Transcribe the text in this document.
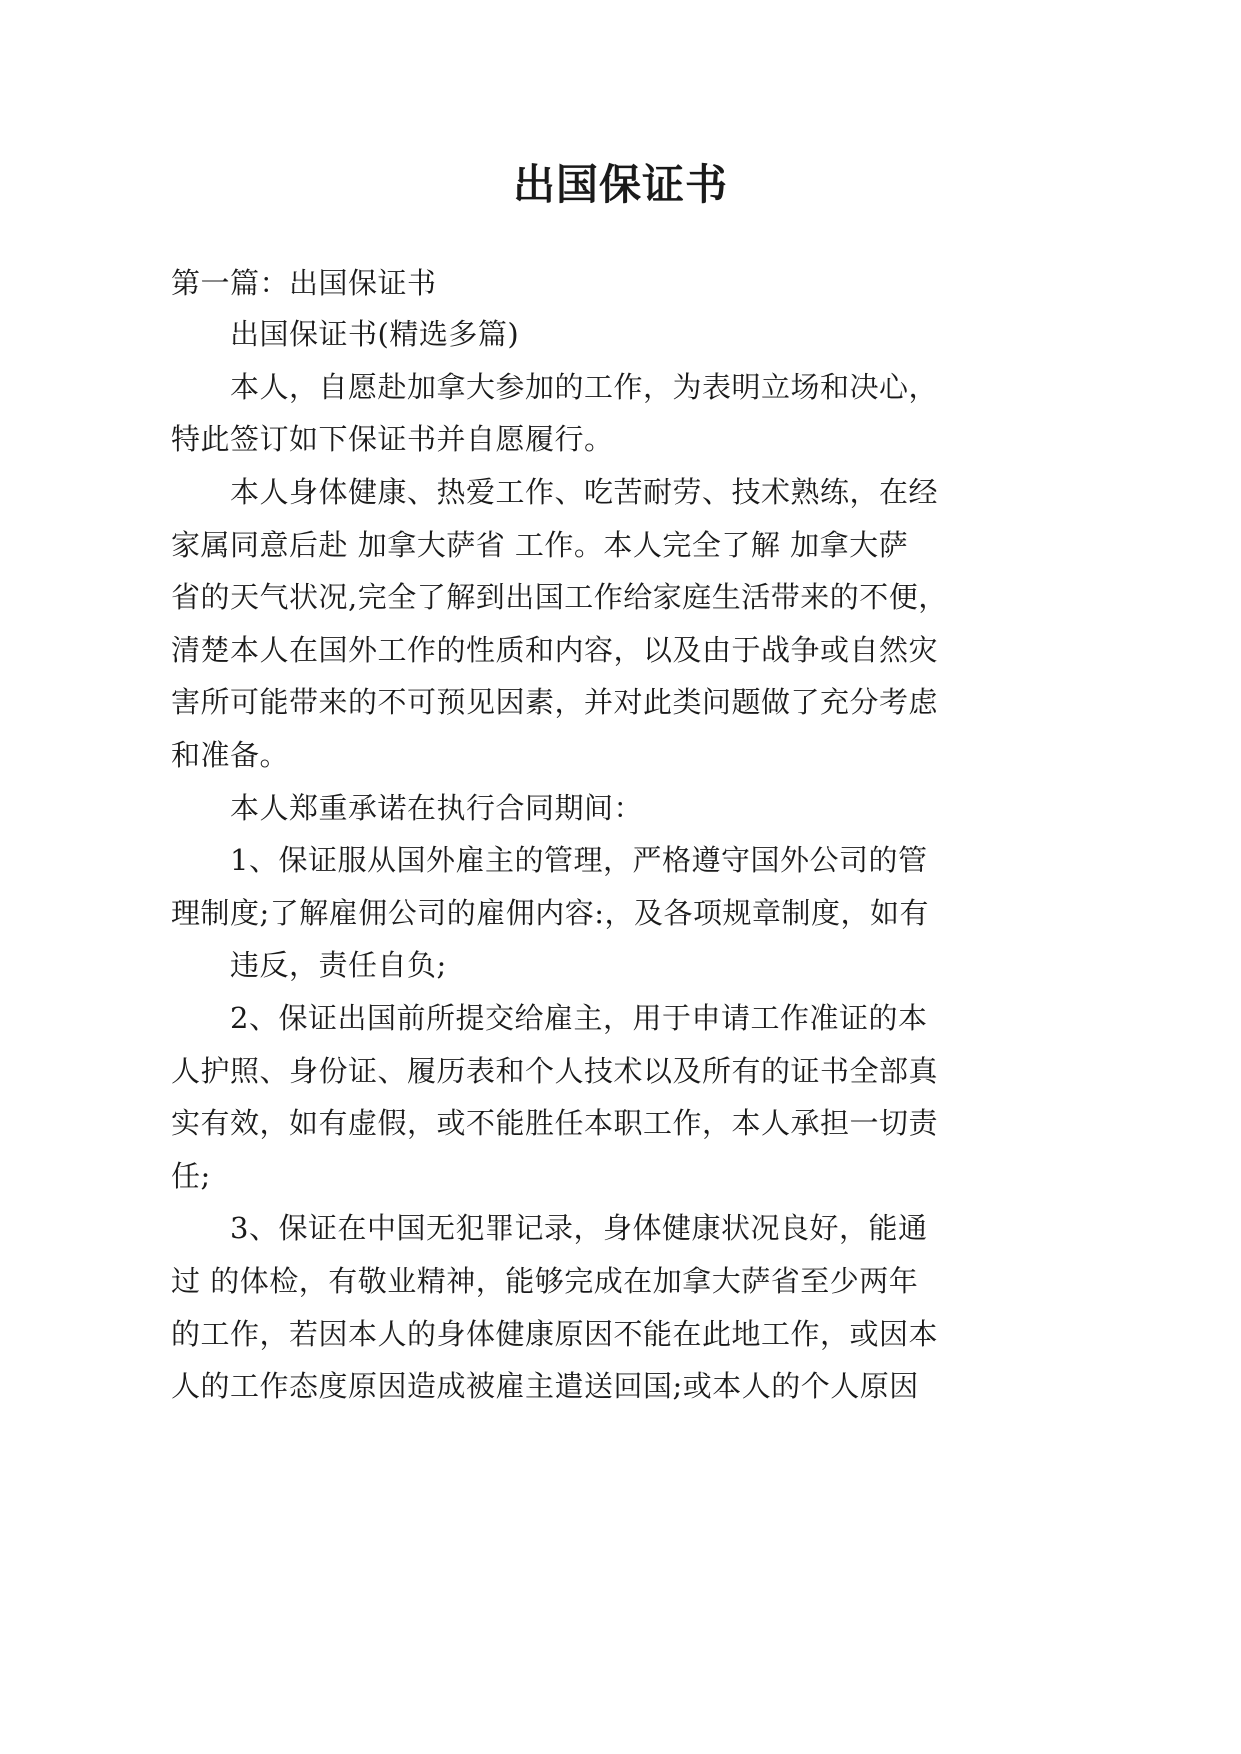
出国保证书

第一篇：出国保证书

出国保证书(精选多篇)

本人，自愿赴加拿大参加的工作，为表明立场和决心，

特此签订如下保证书并自愿履行。

本人身体健康、热爱工作、吃苦耐劳、技术熟练，在经

家属同意后赴 加拿大萨省 工作。本人完全了解 加拿大萨

省的天气状况,完全了解到出国工作给家庭生活带来的不便，

清楚本人在国外工作的性质和内容，以及由于战争或自然灾

害所可能带来的不可预见因素，并对此类问题做了充分考虑

和准备。

本人郑重承诺在执行合同期间：

1、保证服从国外雇主的管理，严格遵守国外公司的管

理制度;了解雇佣公司的雇佣内容:，及各项规章制度，如有

违反，责任自负;

2、保证出国前所提交给雇主，用于申请工作准证的本

人护照、身份证、履历表和个人技术以及所有的证书全部真

实有效，如有虚假，或不能胜任本职工作，本人承担一切责

任;

3、保证在中国无犯罪记录，身体健康状况良好，能通

过 的体检，有敬业精神，能够完成在加拿大萨省至少两年

的工作，若因本人的身体健康原因不能在此地工作，或因本

人的工作态度原因造成被雇主遣送回国;或本人的个人原因
